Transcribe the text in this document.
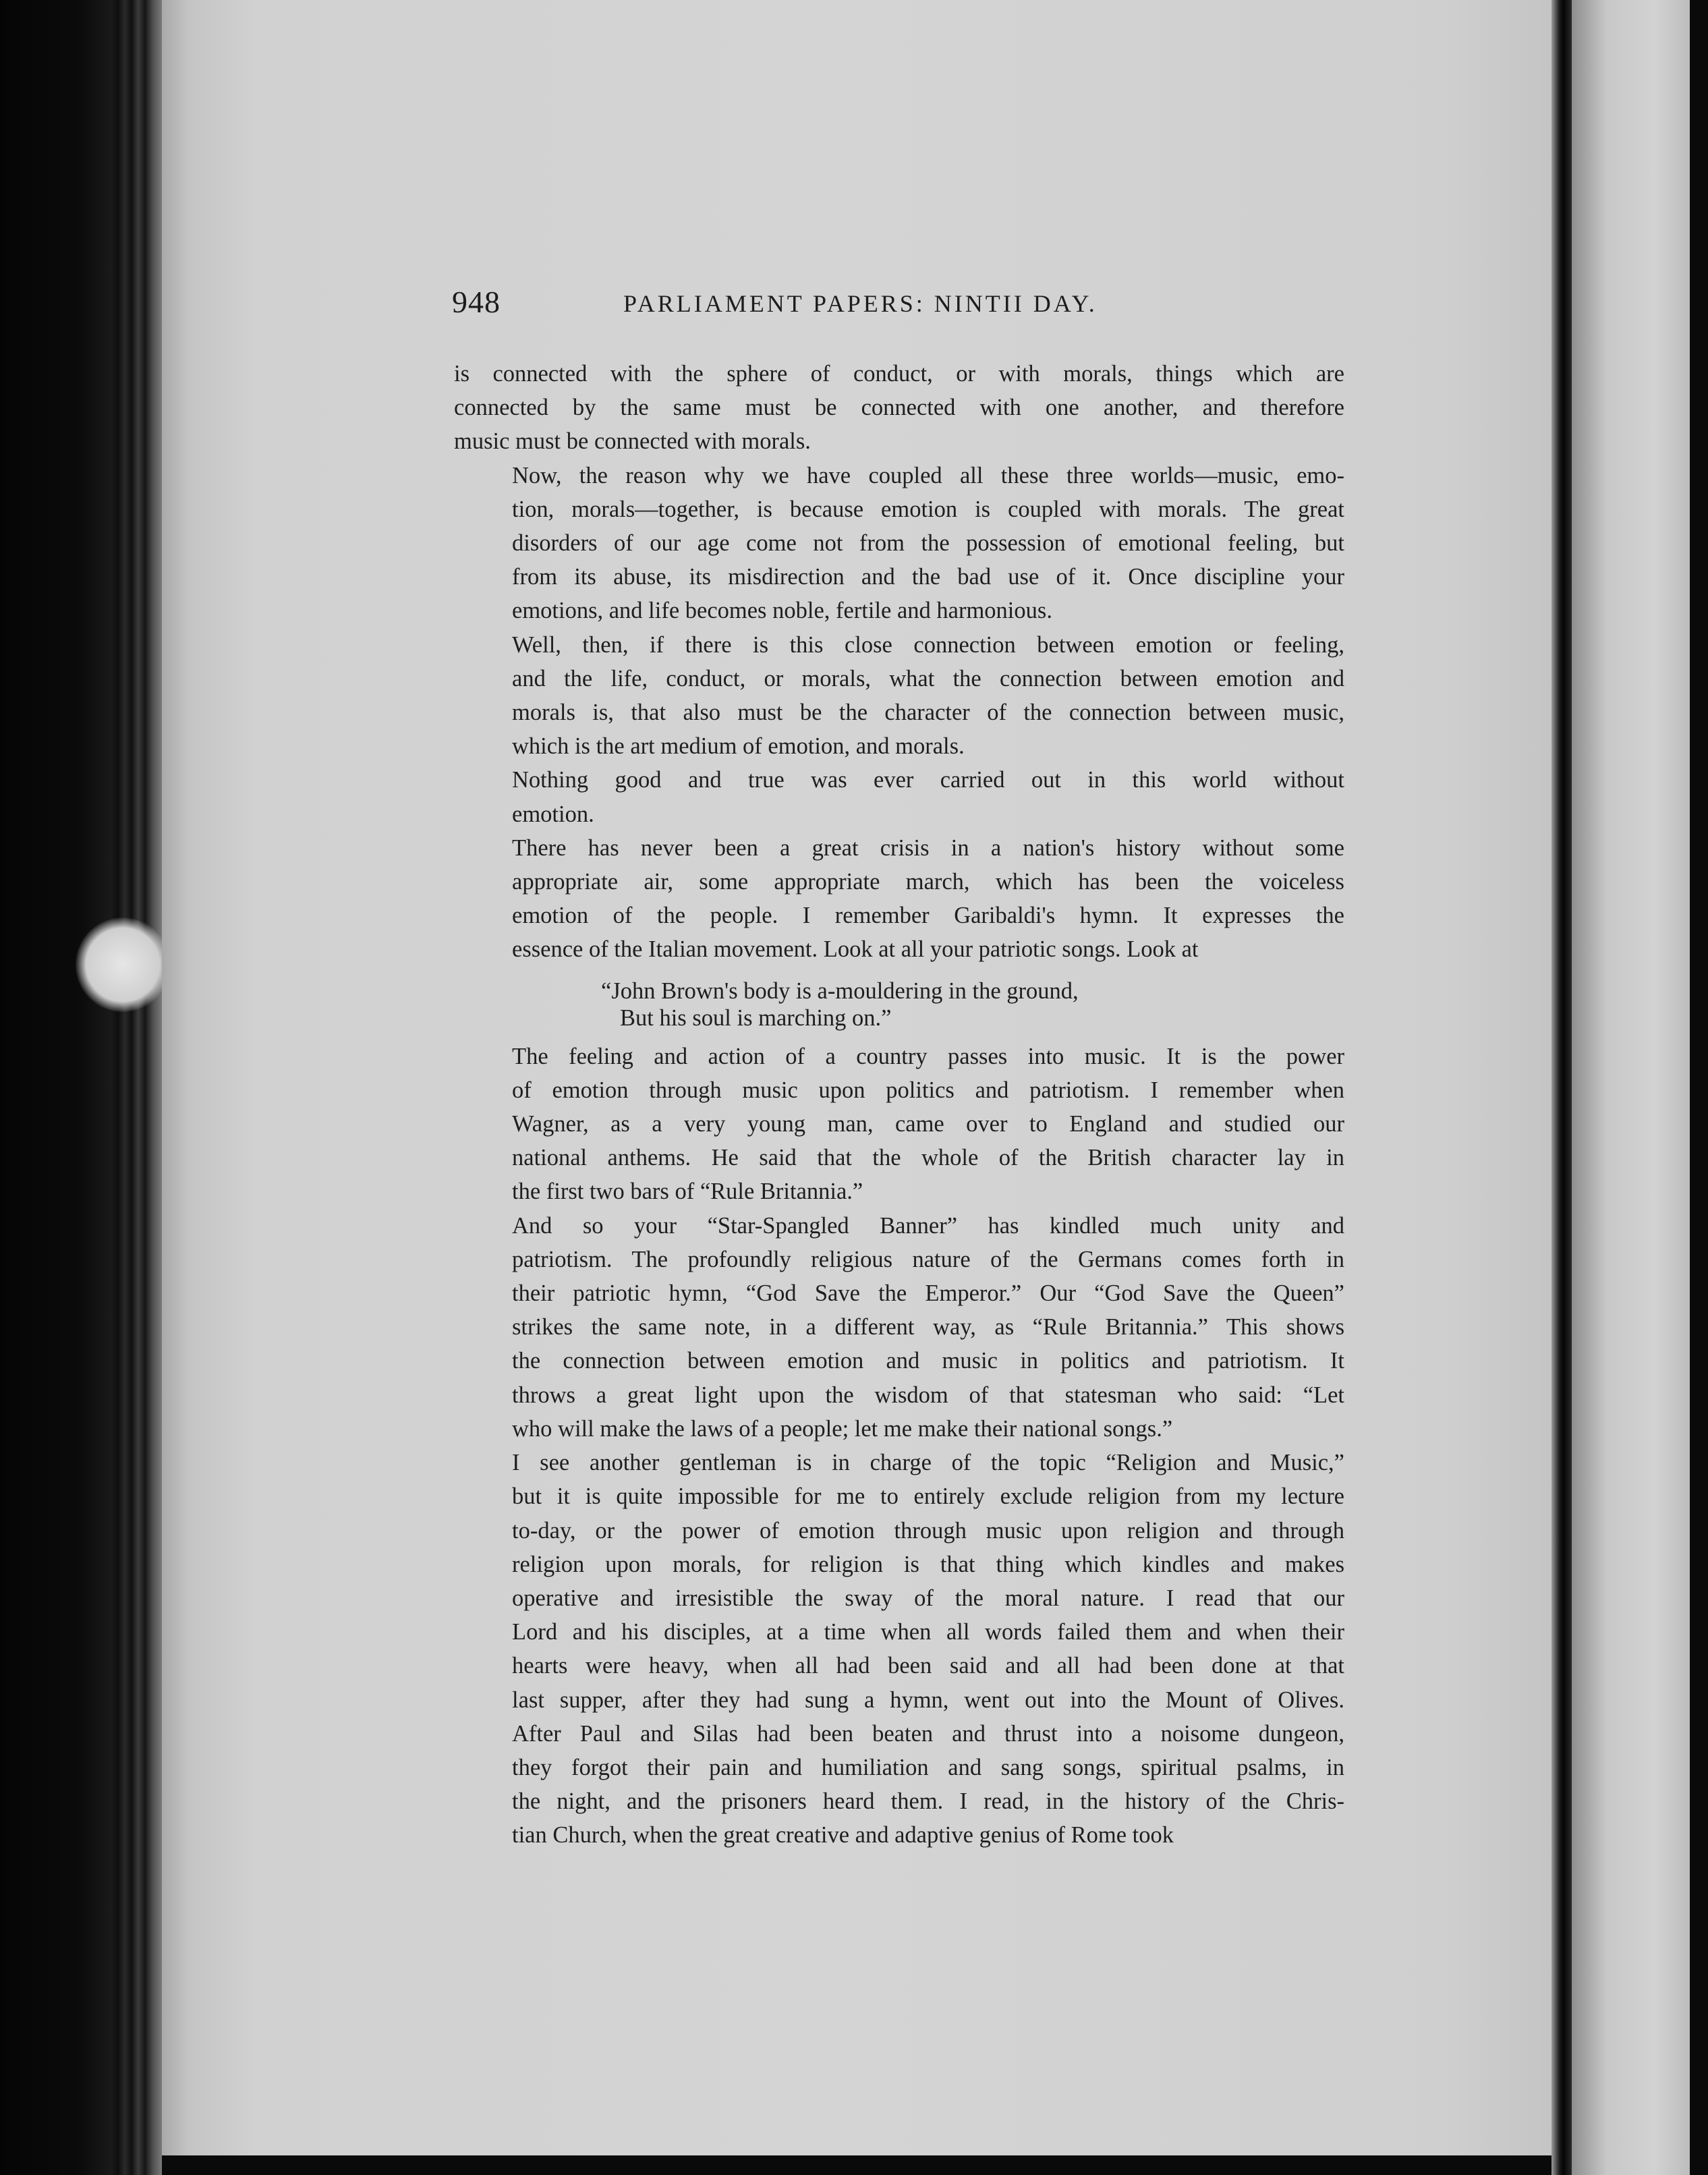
948	PARLIAMENT PAPERS: NINTII DAY.

is connected with the sphere of conduct, or with morals, things which are
connected by the same must be connected with one another, and therefore
music must be connected with morals.

Now, the reason why we have coupled all these three worlds—music, emo-
tion, morals—together, is because emotion is coupled with morals. The great
disorders of our age come not from the possession of emotional feeling, but
from its abuse, its misdirection and the bad use of it. Once discipline your
emotions, and life becomes noble, fertile and harmonious.

Well, then, if there is this close connection between emotion or feeling,
and the life, conduct, or morals, what the connection between emotion and
morals is, that also must be the character of the connection between music,
which is the art medium of emotion, and morals.

Nothing good and true was ever carried out in this world without
emotion.

There has never been a great crisis in a nation's history without some
appropriate air, some appropriate march, which has been the voiceless
emotion of the people. I remember Garibaldi's hymn. It expresses the
essence of the Italian movement. Look at all your patriotic songs. Look at

“John Brown's body is a-mouldering in the ground,
But his soul is marching on.”

The feeling and action of a country passes into music. It is the power
of emotion through music upon politics and patriotism. I remember when
Wagner, as a very young man, came over to England and studied our
national anthems. He said that the whole of the British character lay in
the first two bars of “Rule Britannia.”

And so your “Star-Spangled Banner” has kindled much unity and
patriotism. The profoundly religious nature of the Germans comes forth in
their patriotic hymn, “God Save the Emperor.” Our “God Save the Queen”
strikes the same note, in a different way, as “Rule Britannia.” This shows
the connection between emotion and music in politics and patriotism. It
throws a great light upon the wisdom of that statesman who said: “Let
who will make the laws of a people; let me make their national songs.”

I see another gentleman is in charge of the topic “Religion and Music,”
but it is quite impossible for me to entirely exclude religion from my lecture
to-day, or the power of emotion through music upon religion and through
religion upon morals, for religion is that thing which kindles and makes
operative and irresistible the sway of the moral nature. I read that our
Lord and his disciples, at a time when all words failed them and when their
hearts were heavy, when all had been said and all had been done at that
last supper, after they had sung a hymn, went out into the Mount of Olives.
After Paul and Silas had been beaten and thrust into a noisome dungeon,
they forgot their pain and humiliation and sang songs, spiritual psalms, in
the night, and the prisoners heard them. I read, in the history of the Chris-
tian Church, when the great creative and adaptive genius of Rome took
